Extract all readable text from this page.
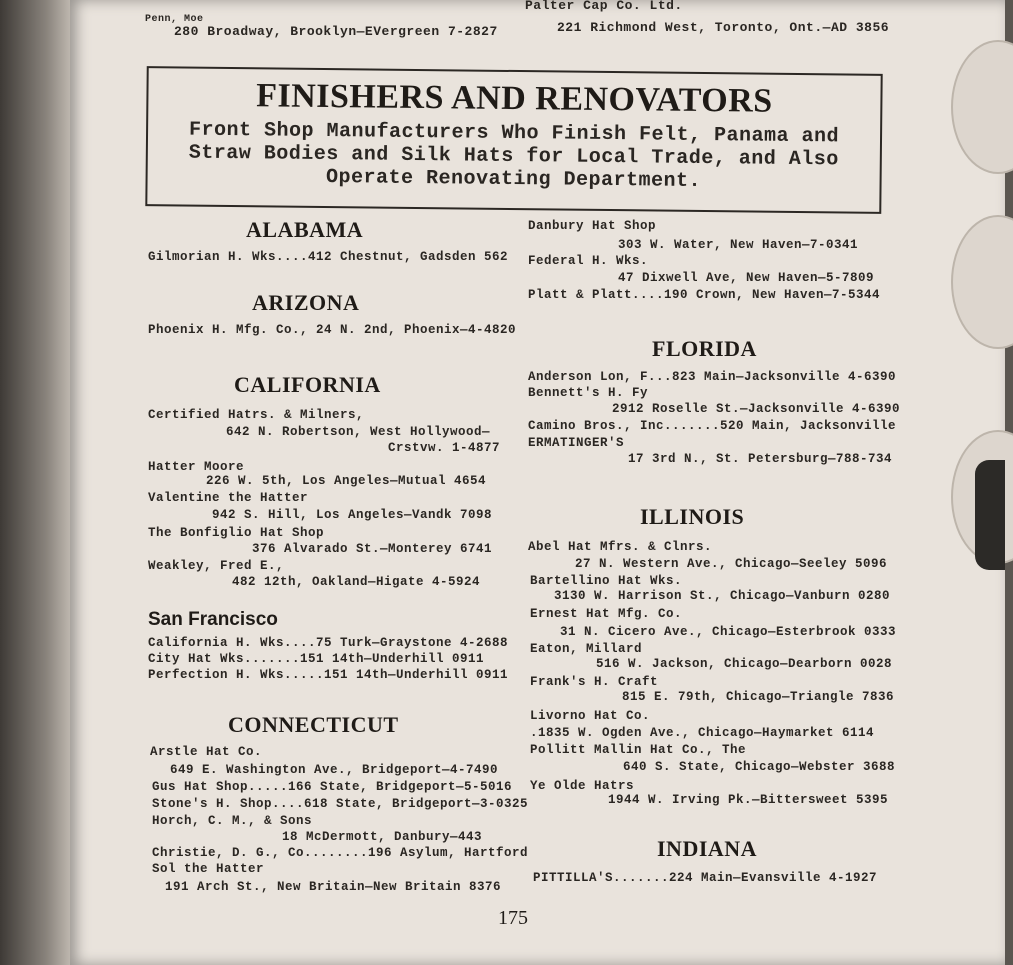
Penn, Moe
280 Broadway, Brooklyn—EVergreen 7-2827
Palter Cap Co. Ltd.
221 Richmond West, Toronto, Ont.—AD 3856
FINISHERS AND RENOVATORS
Front Shop Manufacturers Who Finish Felt, Panama and Straw Bodies and Silk Hats for Local Trade, and Also Operate Renovating Department.
ALABAMA
Gilmorian H. Wks....412 Chestnut, Gadsden 562
ARIZONA
Phoenix H. Mfg. Co., 24 N. 2nd, Phoenix—4-4820
CALIFORNIA
Certified Hatrs. & Milners,
642 N. Robertson, West Hollywood—
Crstvw. 1-4877
Hatter Moore
226 W. 5th, Los Angeles—Mutual 4654
Valentine the Hatter
942 S. Hill, Los Angeles—Vandk 7098
The Bonfiglio Hat Shop
376 Alvarado St.—Monterey 6741
Weakley, Fred E.,
482 12th, Oakland—Higate 4-5924
San Francisco
California H. Wks....75 Turk—Graystone 4-2688
City Hat Wks.......151 14th—Underhill 0911
Perfection H. Wks.....151 14th—Underhill 0911
CONNECTICUT
Arstle Hat Co.
649 E. Washington Ave., Bridgeport—4-7490
Gus Hat Shop.....166 State, Bridgeport—5-5016
Stone's H. Shop....618 State, Bridgeport—3-0325
Horch, C. M., & Sons
18 McDermott, Danbury—443
Christie, D. G., Co........196 Asylum, Hartford
Sol the Hatter
191 Arch St., New Britain—New Britain 8376
Danbury Hat Shop
303 W. Water, New Haven—7-0341
Federal H. Wks.
47 Dixwell Ave, New Haven—5-7809
Platt & Platt....190 Crown, New Haven—7-5344
FLORIDA
Anderson Lon, F...823 Main—Jacksonville 4-6390
Bennett's H. Fy
2912 Roselle St.—Jacksonville 4-6390
Camino Bros., Inc.......520 Main, Jacksonville
ERMATINGER'S
17 3rd N., St. Petersburg—788-734
ILLINOIS
Abel Hat Mfrs. & Clnrs.
27 N. Western Ave., Chicago—Seeley 5096
Bartellino Hat Wks.
3130 W. Harrison St., Chicago—Vanburn 0280
Ernest Hat Mfg. Co.
31 N. Cicero Ave., Chicago—Esterbrook 0333
Eaton, Millard
516 W. Jackson, Chicago—Dearborn 0028
Frank's H. Craft
815 E. 79th, Chicago—Triangle 7836
Livorno Hat Co.
.1835 W. Ogden Ave., Chicago—Haymarket 6114
Pollitt Mallin Hat Co., The
640 S. State, Chicago—Webster 3688
Ye Olde Hatrs
1944 W. Irving Pk.—Bittersweet 5395
INDIANA
PITTILLA'S.......224 Main—Evansville 4-1927
175
